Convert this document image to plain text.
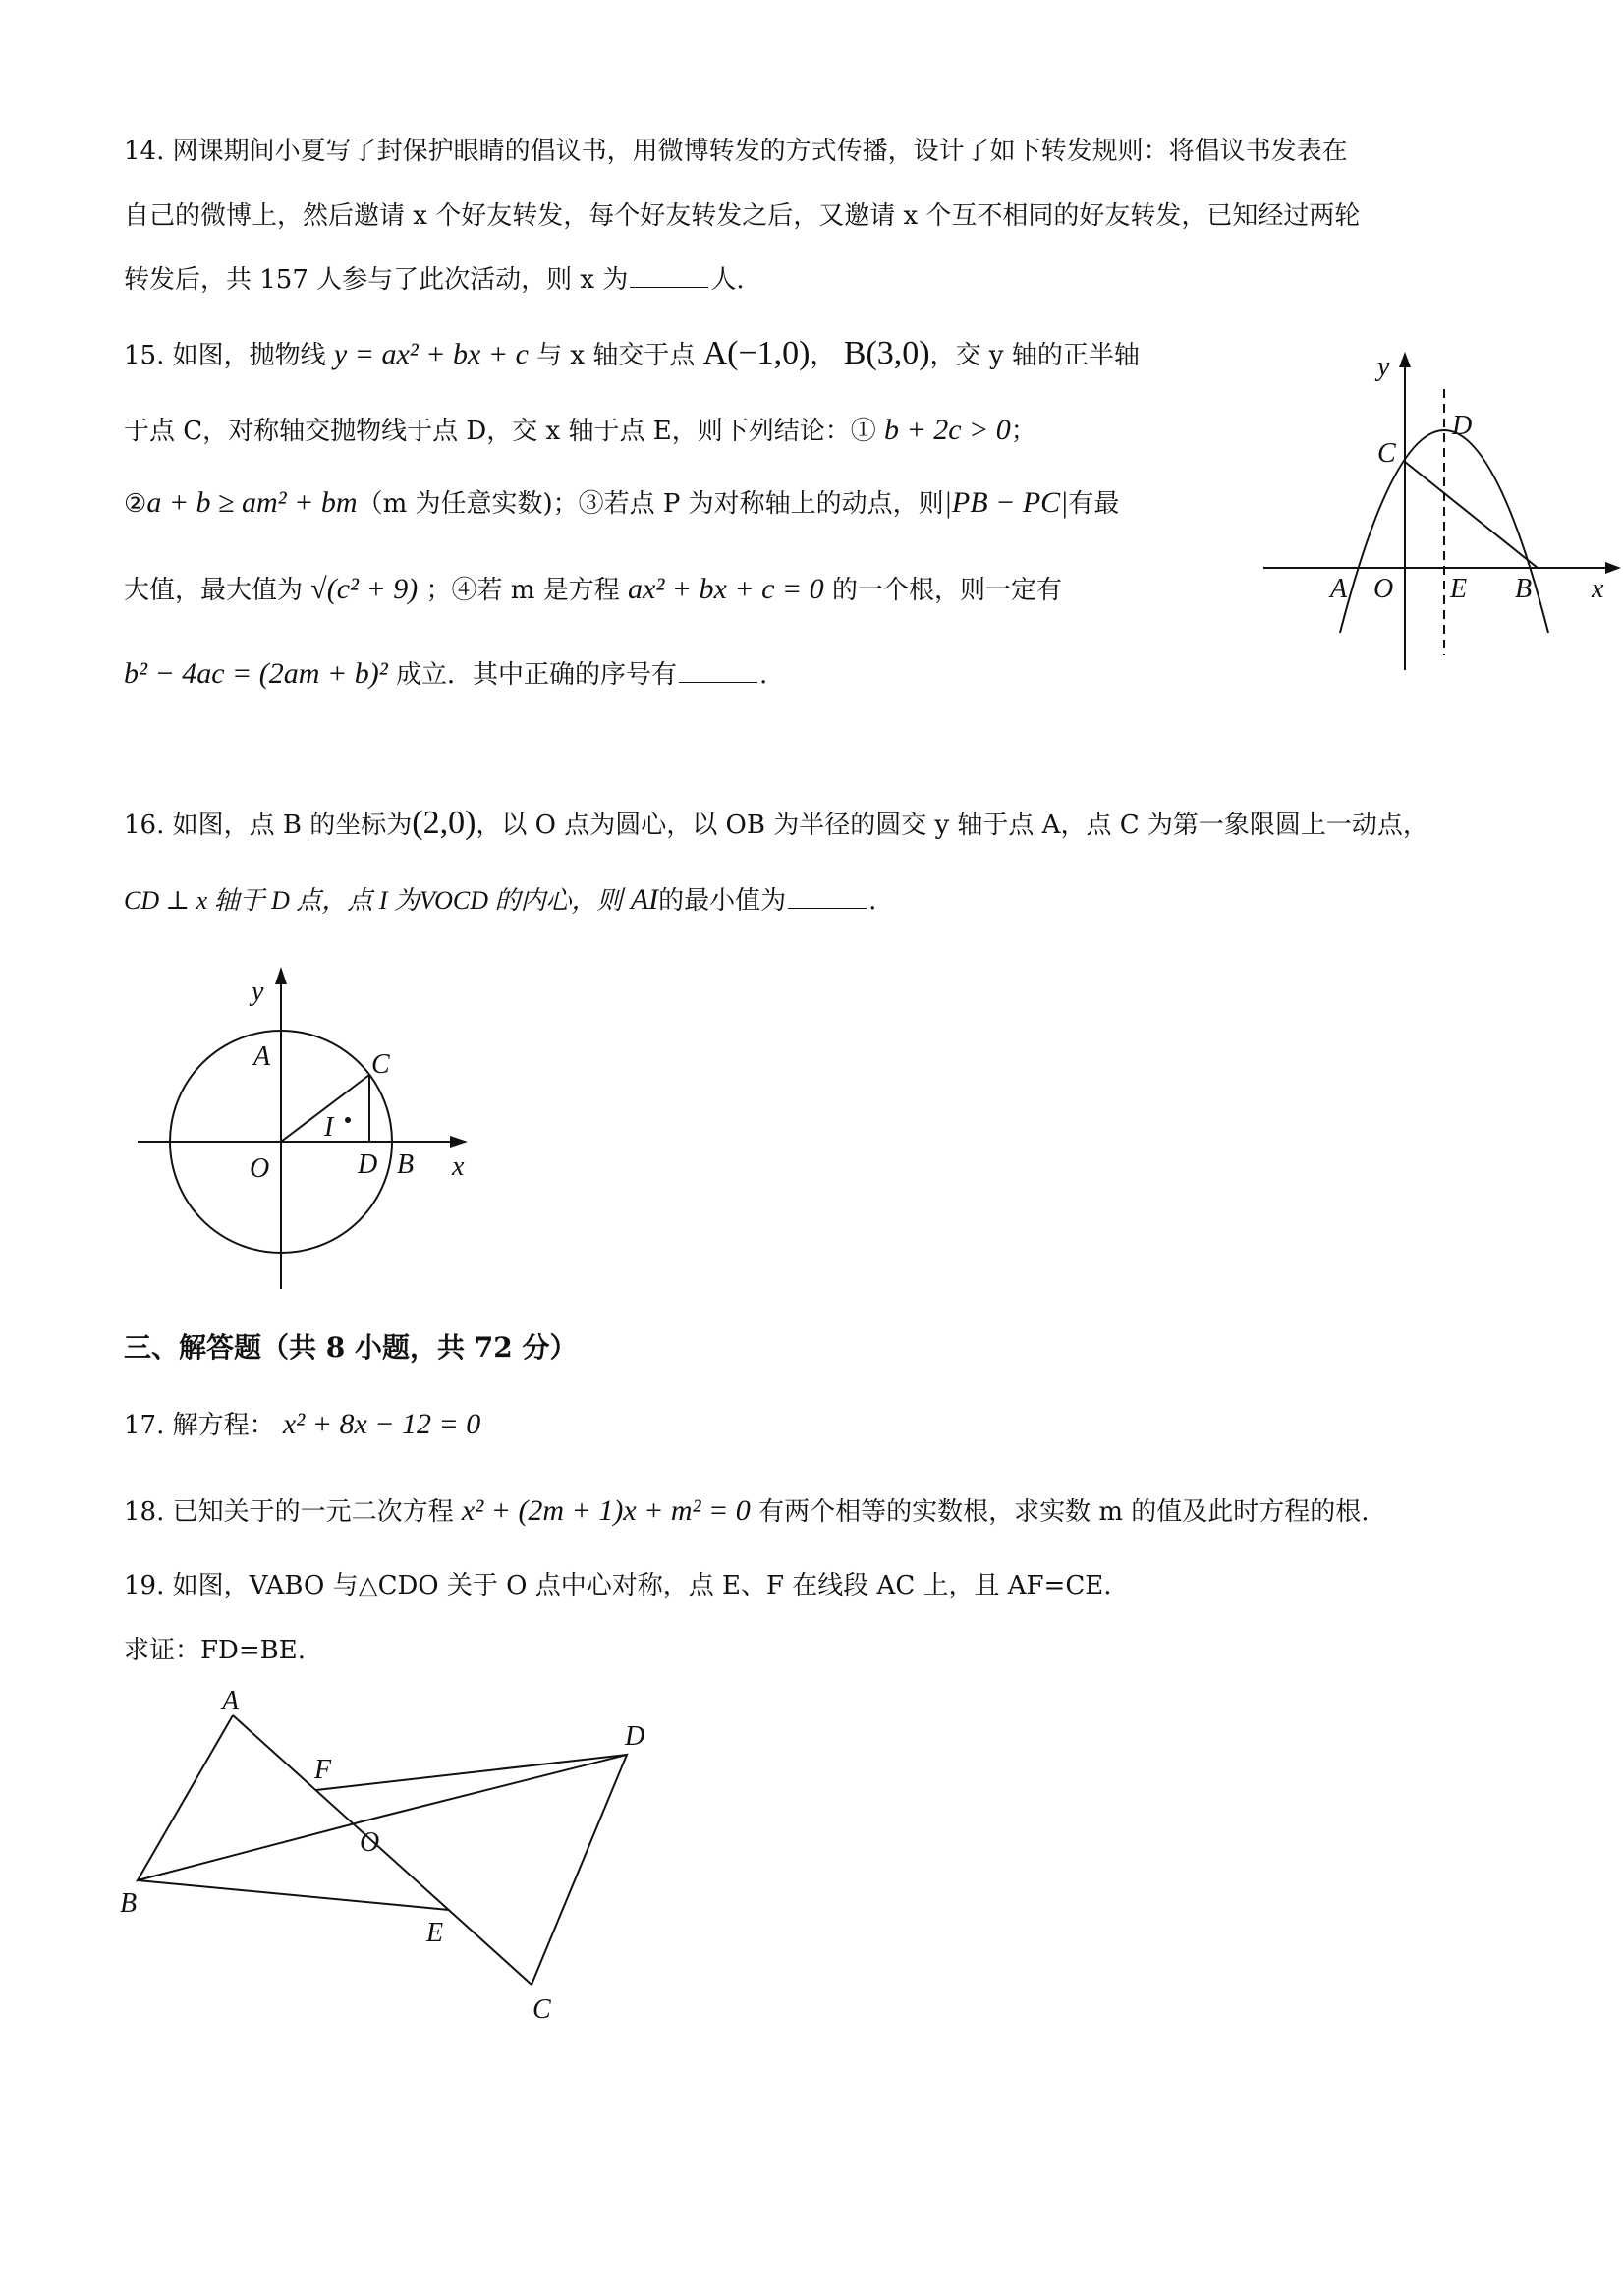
14. 网课期间小夏写了封保护眼睛的倡议书，用微博转发的方式传播，设计了如下转发规则：将倡议书发表在
自己的微博上，然后邀请 x 个好友转发，每个好友转发之后，又邀请 x 个互不相同的好友转发，已知经过两轮
转发后，共 157 人参与了此次活动，则 x 为	人.
15. 如图，抛物线 y = ax² + bx + c 与 x 轴交于点 A(−1,0)， B(3,0)，交 y 轴的正半轴
于点 C，对称轴交抛物线于点 D，交 x 轴于点 E，则下列结论：① b + 2c > 0；
②a + b ≥ am² + bm（m 为任意实数)；③若点 P 为对称轴上的动点，则|PB − PC|有最
大值，最大值为 √(c² + 9) ；④若 m 是方程 ax² + bx + c = 0 的一个根，则一定有
b² − 4ac = (2am + b)² 成立．其中正确的序号有	.
y
D
C
A O E B x
16. 如图，点 B 的坐标为(2,0)，以 O 点为圆心，以 OB 为半径的圆交 y 轴于点 A，点 C 为第一象限圆上一动点，
CD ⊥ x 轴于 D 点，点 I 为VOCD 的内心，则 AI的最小值为	.
y
A	C
I
O	D B x
三、解答题（共 8 小题，共 72 分）
17. 解方程： x² + 8x − 12 = 0
18. 已知关于的一元二次方程 x² + (2m + 1)x + m² = 0 有两个相等的实数根，求实数 m 的值及此时方程的根.
19. 如图，VABO 与△CDO 关于 O 点中心对称，点 E、F 在线段 AC 上，且 AF=CE.
求证：FD=BE.
A
F
D
O
B
E
C
